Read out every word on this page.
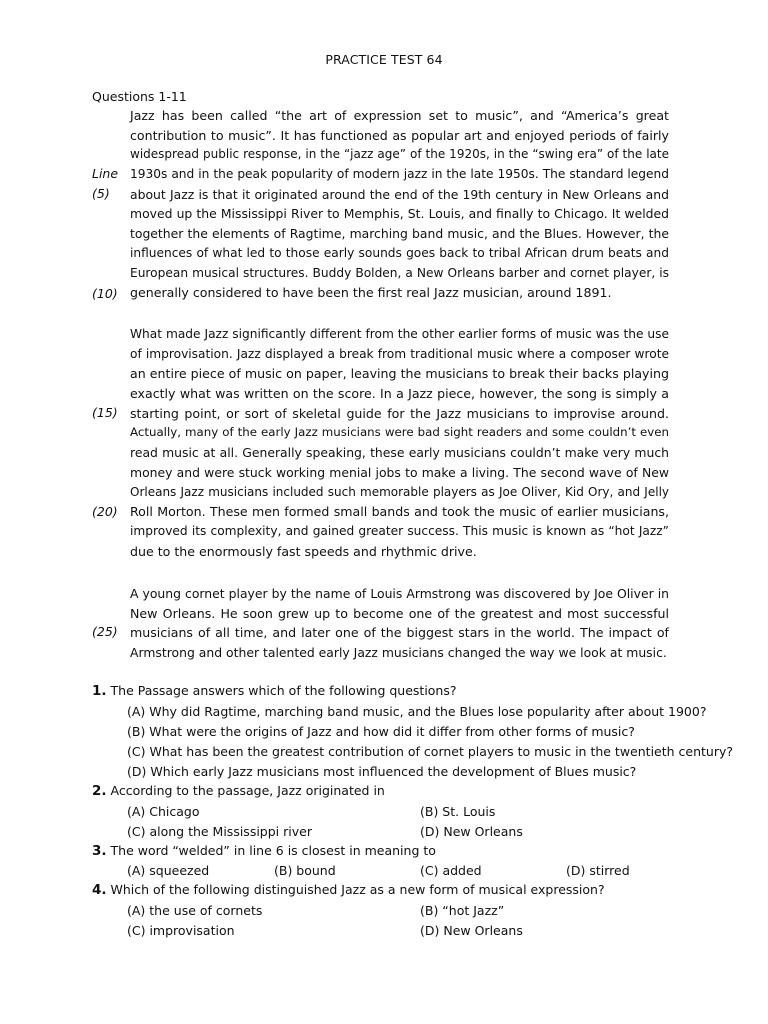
PRACTICE TEST 64
Questions 1-11
Line
(5)
(10)
(15)
(20)
(25)
Jazz has been called “the art of expression set to music”, and “America’s great
contribution to music”. It has functioned as popular art and enjoyed periods of fairly
widespread public response, in the “jazz age” of the 1920s, in the “swing era” of the late
1930s and in the peak popularity of modern jazz in the late 1950s. The standard legend
about Jazz is that it originated around the end of the 19th century in New Orleans and
moved up the Mississippi River to Memphis, St. Louis, and finally to Chicago. It welded
together the elements of Ragtime, marching band music, and the Blues. However, the
influences of what led to those early sounds goes back to tribal African drum beats and
European musical structures. Buddy Bolden, a New Orleans barber and cornet player, is
generally considered to have been the first real Jazz musician, around 1891.
What made Jazz significantly different from the other earlier forms of music was the use
of improvisation. Jazz displayed a break from traditional music where a composer wrote
an entire piece of music on paper, leaving the musicians to break their backs playing
exactly what was written on the score. In a Jazz piece, however, the song is simply a
starting point, or sort of skeletal guide for the Jazz musicians to improvise around.
Actually, many of the early Jazz musicians were bad sight readers and some couldn’t even
read music at all. Generally speaking, these early musicians couldn’t make very much
money and were stuck working menial jobs to make a living. The second wave of New
Orleans Jazz musicians included such memorable players as Joe Oliver, Kid Ory, and Jelly
Roll Morton. These men formed small bands and took the music of earlier musicians,
improved its complexity, and gained greater success. This music is known as “hot Jazz”
due to the enormously fast speeds and rhythmic drive.
A young cornet player by the name of Louis Armstrong was discovered by Joe Oliver in
New Orleans. He soon grew up to become one of the greatest and most successful
musicians of all time, and later one of the biggest stars in the world. The impact of
Armstrong and other talented early Jazz musicians changed the way we look at music.
1. The Passage answers which of the following questions?
(A) Why did Ragtime, marching band music, and the Blues lose popularity after about 1900?
(B) What were the origins of Jazz and how did it differ from other forms of music?
(C) What has been the greatest contribution of cornet players to music in the twentieth century?
(D) Which early Jazz musicians most influenced the development of Blues music?
2. According to the passage, Jazz originated in
(A) Chicago	(B) St. Louis
(C) along the Mississippi river	(D) New Orleans
3. The word “welded” in line 6 is closest in meaning to
(A) squeezed	(B) bound	(C) added	(D) stirred
4. Which of the following distinguished Jazz as a new form of musical expression?
(A) the use of cornets	(B) “hot Jazz”
(C) improvisation	(D) New Orleans
